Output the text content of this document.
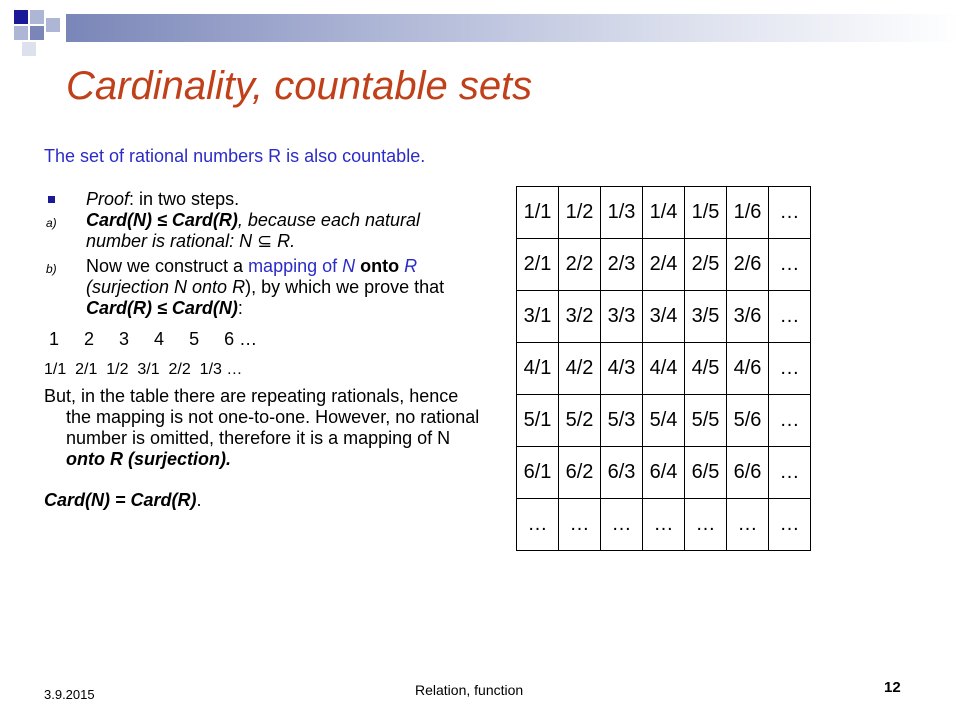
Cardinality, countable sets

The set of rational numbers R is also countable.

Proof: in two steps.

a) Card(N) ≤ Card(R), because each natural number is rational: N ⊆ R.

b) Now we construct a mapping of N onto R (surjection N onto R), by which we prove that
Card(R) ≤ Card(N):

1     2     3     4     5     6 …

1/1  2/1  1/2  3/1  2/2  1/3 …

But, in the table there are repeating rationals, hence the mapping is not one-to-one. However, no rational number is omitted, therefore it is a mapping of N onto R (surjection).

Card(N) = Card(R).

1/1	1/2	1/3	1/4	1/5	1/6	…
2/1	2/2	2/3	2/4	2/5	2/6	…
3/1	3/2	3/3	3/4	3/5	3/6	…
4/1	4/2	4/3	4/4	4/5	4/6	…
5/1	5/2	5/3	5/4	5/5	5/6	…
6/1	6/2	6/3	6/4	6/5	6/6	…
…	…	…	…	…	…	…
3.9.2015	Relation, function	12
